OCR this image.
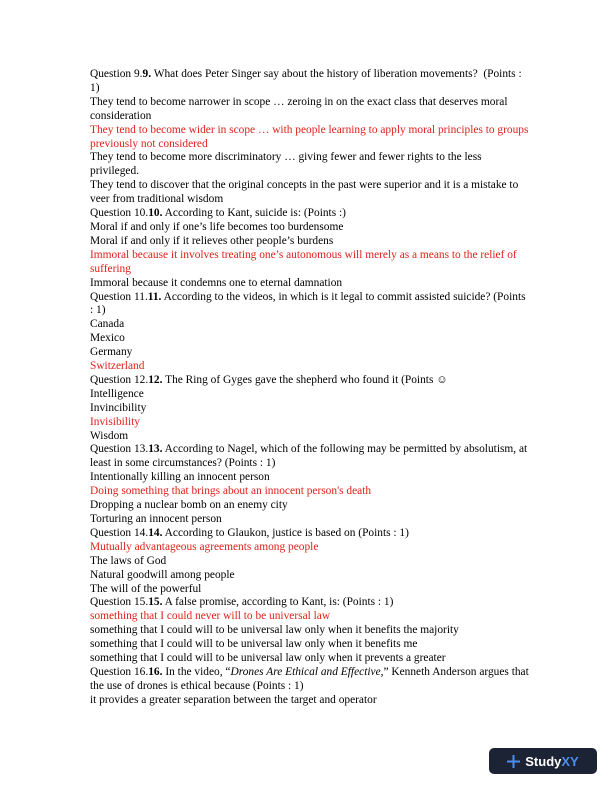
Question 9.9. What does Peter Singer say about the history of liberation movements?  (Points : 1)
They tend to become narrower in scope … zeroing in on the exact class that deserves moral consideration
They tend to become wider in scope … with people learning to apply moral principles to groups previously not considered
They tend to become more discriminatory … giving fewer and fewer rights to the less privileged.
They tend to discover that the original concepts in the past were superior and it is a mistake to veer from traditional wisdom
Question 10.10. According to Kant, suicide is: (Points :)
Moral if and only if one’s life becomes too burdensome
Moral if and only if it relieves other people’s burdens
Immoral because it involves treating one’s autonomous will merely as a means to the relief of suffering
Immoral because it condemns one to eternal damnation
Question 11.11. According to the videos, in which is it legal to commit assisted suicide? (Points : 1)
Canada
Mexico
Germany
Switzerland
Question 12.12. The Ring of Gyges gave the shepherd who found it (Points ☺
Intelligence
Invincibility
Invisibility
Wisdom
Question 13.13. According to Nagel, which of the following may be permitted by absolutism, at least in some circumstances? (Points : 1)
Intentionally killing an innocent person
Doing something that brings about an innocent person's death
Dropping a nuclear bomb on an enemy city
Torturing an innocent person
Question 14.14. According to Glaukon, justice is based on (Points : 1)
Mutually advantageous agreements among people
The laws of God
Natural goodwill among people
The will of the powerful
Question 15.15. A false promise, according to Kant, is: (Points : 1)
something that I could never will to be universal law
something that I could will to be universal law only when it benefits the majority
something that I could will to be universal law only when it benefits me
something that I could will to be universal law only when it prevents a greater
Question 16.16. In the video, “Drones Are Ethical and Effective,” Kenneth Anderson argues that the use of drones is ethical because (Points : 1)
it provides a greater separation between the target and operator
StudyXY
